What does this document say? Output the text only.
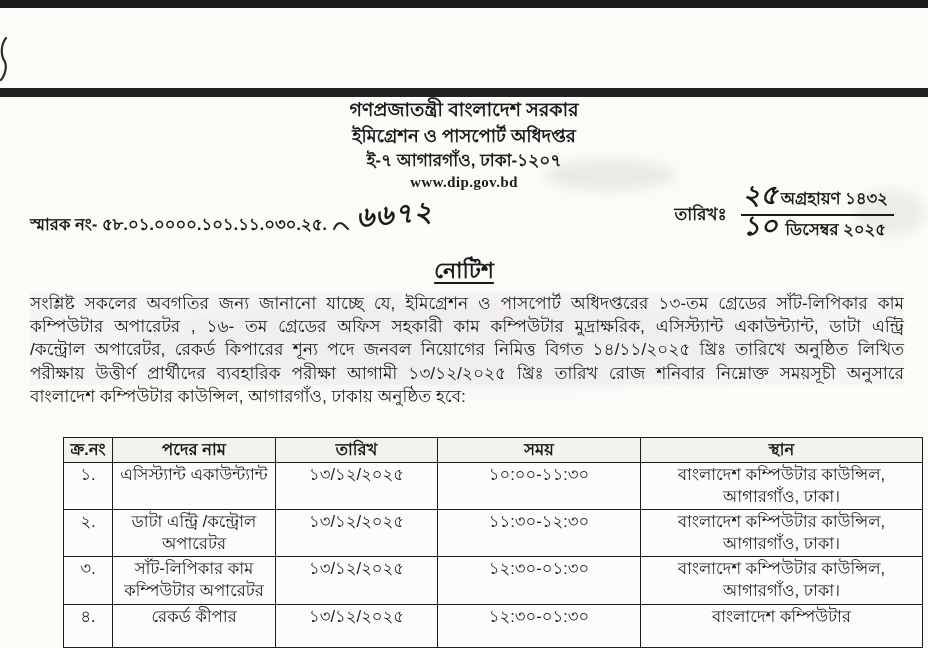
গণপ্রজাতন্ত্রী বাংলাদেশ সরকার
ইমিগ্রেশন ও পাসপোর্ট অধিদপ্তর
ই-৭ আগারগাঁও, ঢাকা-১২০৭
www.dip.gov.bd
স্মারক নং- ৫৮.০১.০০০০.১০১.১১.০৩০.২৫. ৬৬৭২	তারিখঃ $\frac{\text{২৫ অগ্রহায়ণ ১৪৩২}}{\text{১০ ডিসেম্বর ২০২৫}}$
নোটিশ
সংশ্লিষ্ট সকলের অবগতির জন্য জানানো যাচ্ছে যে, ইমিগ্রেশন ও পাসপোর্ট অধিদপ্তরের ১৩-তম গ্রেডের সাঁট-লিপিকার কাম
কম্পিউটার অপারেটর , ১৬- তম গ্রেডের অফিস সহকারী কাম কম্পিউটার মুদ্রাক্ষরিক, এসিস্ট্যান্ট একাউন্ট্যান্ট, ডাটা এন্ট্রি
/কন্ট্রোল অপারেটর, রেকর্ড কিপারের শূন্য পদে জনবল নিয়োগের নিমিত্ত বিগত ১৪/১১/২০২৫ খ্রিঃ তারিখে অনুষ্ঠিত লিখিত
পরীক্ষায় উত্তীর্ণ প্রার্থীদের ব্যবহারিক পরীক্ষা আগামী ১৩/১২/২০২৫ খ্রিঃ তারিখ রোজ শনিবার নিম্নোক্ত সময়সূচী অনুসারে
বাংলাদেশ কম্পিউটার কাউন্সিল, আগারগাঁও, ঢাকায় অনুষ্ঠিত হবে:
ক্র.নং	পদের নাম	তারিখ	সময়	স্থান
১.	এসিস্ট্যান্ট একাউন্ট্যান্ট	১৩/১২/২০২৫	১০:০০-১১:৩০	বাংলাদেশ কম্পিউটার কাউন্সিল, আগারগাঁও, ঢাকা।
২.	ডাটা এন্ট্রি /কন্ট্রোল অপারেটর	১৩/১২/২০২৫	১১:৩০-১২:৩০	বাংলাদেশ কম্পিউটার কাউন্সিল, আগারগাঁও, ঢাকা।
৩.	সাঁট-লিপিকার কাম কম্পিউটার অপারেটর	১৩/১২/২০২৫	১২:৩০-০১:৩০	বাংলাদেশ কম্পিউটার কাউন্সিল, আগারগাঁও, ঢাকা।
৪.	রেকর্ড কীপার	১৩/১২/২০২৫	১২:৩০-০১:৩০	বাংলাদেশ কম্পিউটার
